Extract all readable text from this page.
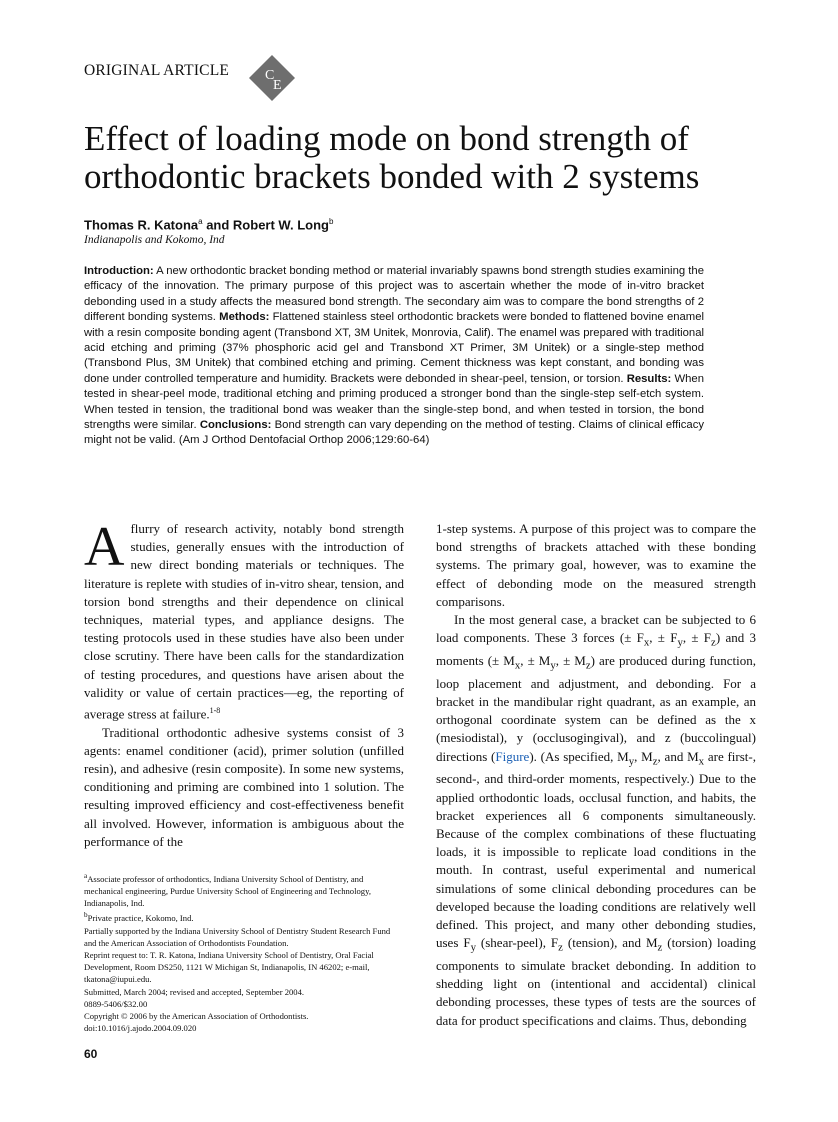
ORIGINAL ARTICLE	C
E
Effect of loading mode on bond strength of orthodontic brackets bonded with 2 systems
Thomas R. Katona$^a$ and Robert W. Long$^b$
Indianapolis and Kokomo, Ind

Introduction: A new orthodontic bracket bonding method or material invariably spawns bond strength studies examining the efficacy of the innovation. The primary purpose of this project was to ascertain whether the mode of in-vitro bracket debonding used in a study affects the measured bond strength. The secondary aim was to compare the bond strengths of 2 different bonding systems. Methods: Flattened stainless steel orthodontic brackets were bonded to flattened bovine enamel with a resin composite bonding agent (Transbond XT, 3M Unitek, Monrovia, Calif). The enamel was prepared with traditional acid etching and priming (37% phosphoric acid gel and Transbond XT Primer, 3M Unitek) or a single-step method (Transbond Plus, 3M Unitek) that combined etching and priming. Cement thickness was kept constant, and bonding was done under controlled temperature and humidity. Brackets were debonded in shear-peel, tension, or torsion. Results: When tested in shear-peel mode, traditional etching and priming produced a stronger bond than the single-step self-etch system. When tested in tension, the traditional bond was weaker than the single-step bond, and when tested in torsion, the bond strengths were similar. Conclusions: Bond strength can vary depending on the method of testing. Claims of clinical efficacy might not be valid. (Am J Orthod Dentofacial Orthop 2006;129:60-64)

Aflurry of research activity, notably bond strength studies, generally ensues with the introduction of new direct bonding materials or techniques. The literature is replete with studies of in-vitro shear, tension, and torsion bond strengths and their dependence on clinical techniques, material types, and appliance designs. The testing protocols used in these studies have also been under close scrutiny. There have been calls for the standardization of testing procedures, and questions have arisen about the validity or value of certain practices—eg, the reporting of average stress at failure.$^{1-8}$

Traditional orthodontic adhesive systems consist of 3 agents: enamel conditioner (acid), primer solution (unfilled resin), and adhesive (resin composite). In some new systems, conditioning and priming are combined into 1 solution. The resulting improved efficiency and cost-effectiveness benefit all involved. However, information is ambiguous about the performance of the

1-step systems. A purpose of this project was to compare the bond strengths of brackets attached with these bonding systems. The primary goal, however, was to examine the effect of debonding mode on the measured strength comparisons.

In the most general case, a bracket can be subjected to 6 load components. These 3 forces (± $F_x$, ± $F_y$, ± $F_z$) and 3 moments (± $M_x$, ± $M_y$, ± $M_z$) are produced during function, loop placement and adjustment, and debonding. For a bracket in the mandibular right quadrant, as an example, an orthogonal coordinate system can be defined as the x (mesiodistal), y (occlusogingival), and z (buccolingual) directions (Figure). (As specified, $M_y$, $M_z$, and $M_x$ are first-, second-, and third-order moments, respectively.) Due to the applied orthodontic loads, occlusal function, and habits, the bracket experiences all 6 components simultaneously. Because of the complex combinations of these fluctuating loads, it is impossible to replicate load conditions in the mouth. In contrast, useful experimental and numerical simulations of some clinical debonding procedures can be developed because the loading conditions are relatively well defined. This project, and many other debonding studies, uses $F_y$ (shear-peel), $F_z$ (tension), and $M_z$ (torsion) loading components to simulate bracket debonding. In addition to shedding light on (intentional and accidental) clinical debonding processes, these types of tests are the sources of data for product specifications and claims. Thus, debonding

$^a$Associate professor of orthodontics, Indiana University School of Dentistry, and mechanical engineering, Purdue University School of Engineering and Technology, Indianapolis, Ind.

$^b$Private practice, Kokomo, Ind.

Partially supported by the Indiana University School of Dentistry Student Research Fund and the American Association of Orthodontists Foundation.

Reprint request to: T. R. Katona, Indiana University School of Dentistry, Oral Facial Development, Room DS250, 1121 W Michigan St, Indianapolis, IN 46202; e-mail, tkatona@iupui.edu.

Submitted, March 2004; revised and accepted, September 2004.

0889-5406/$32.00

Copyright © 2006 by the American Association of Orthodontists.

doi:10.1016/j.ajodo.2004.09.020

60
